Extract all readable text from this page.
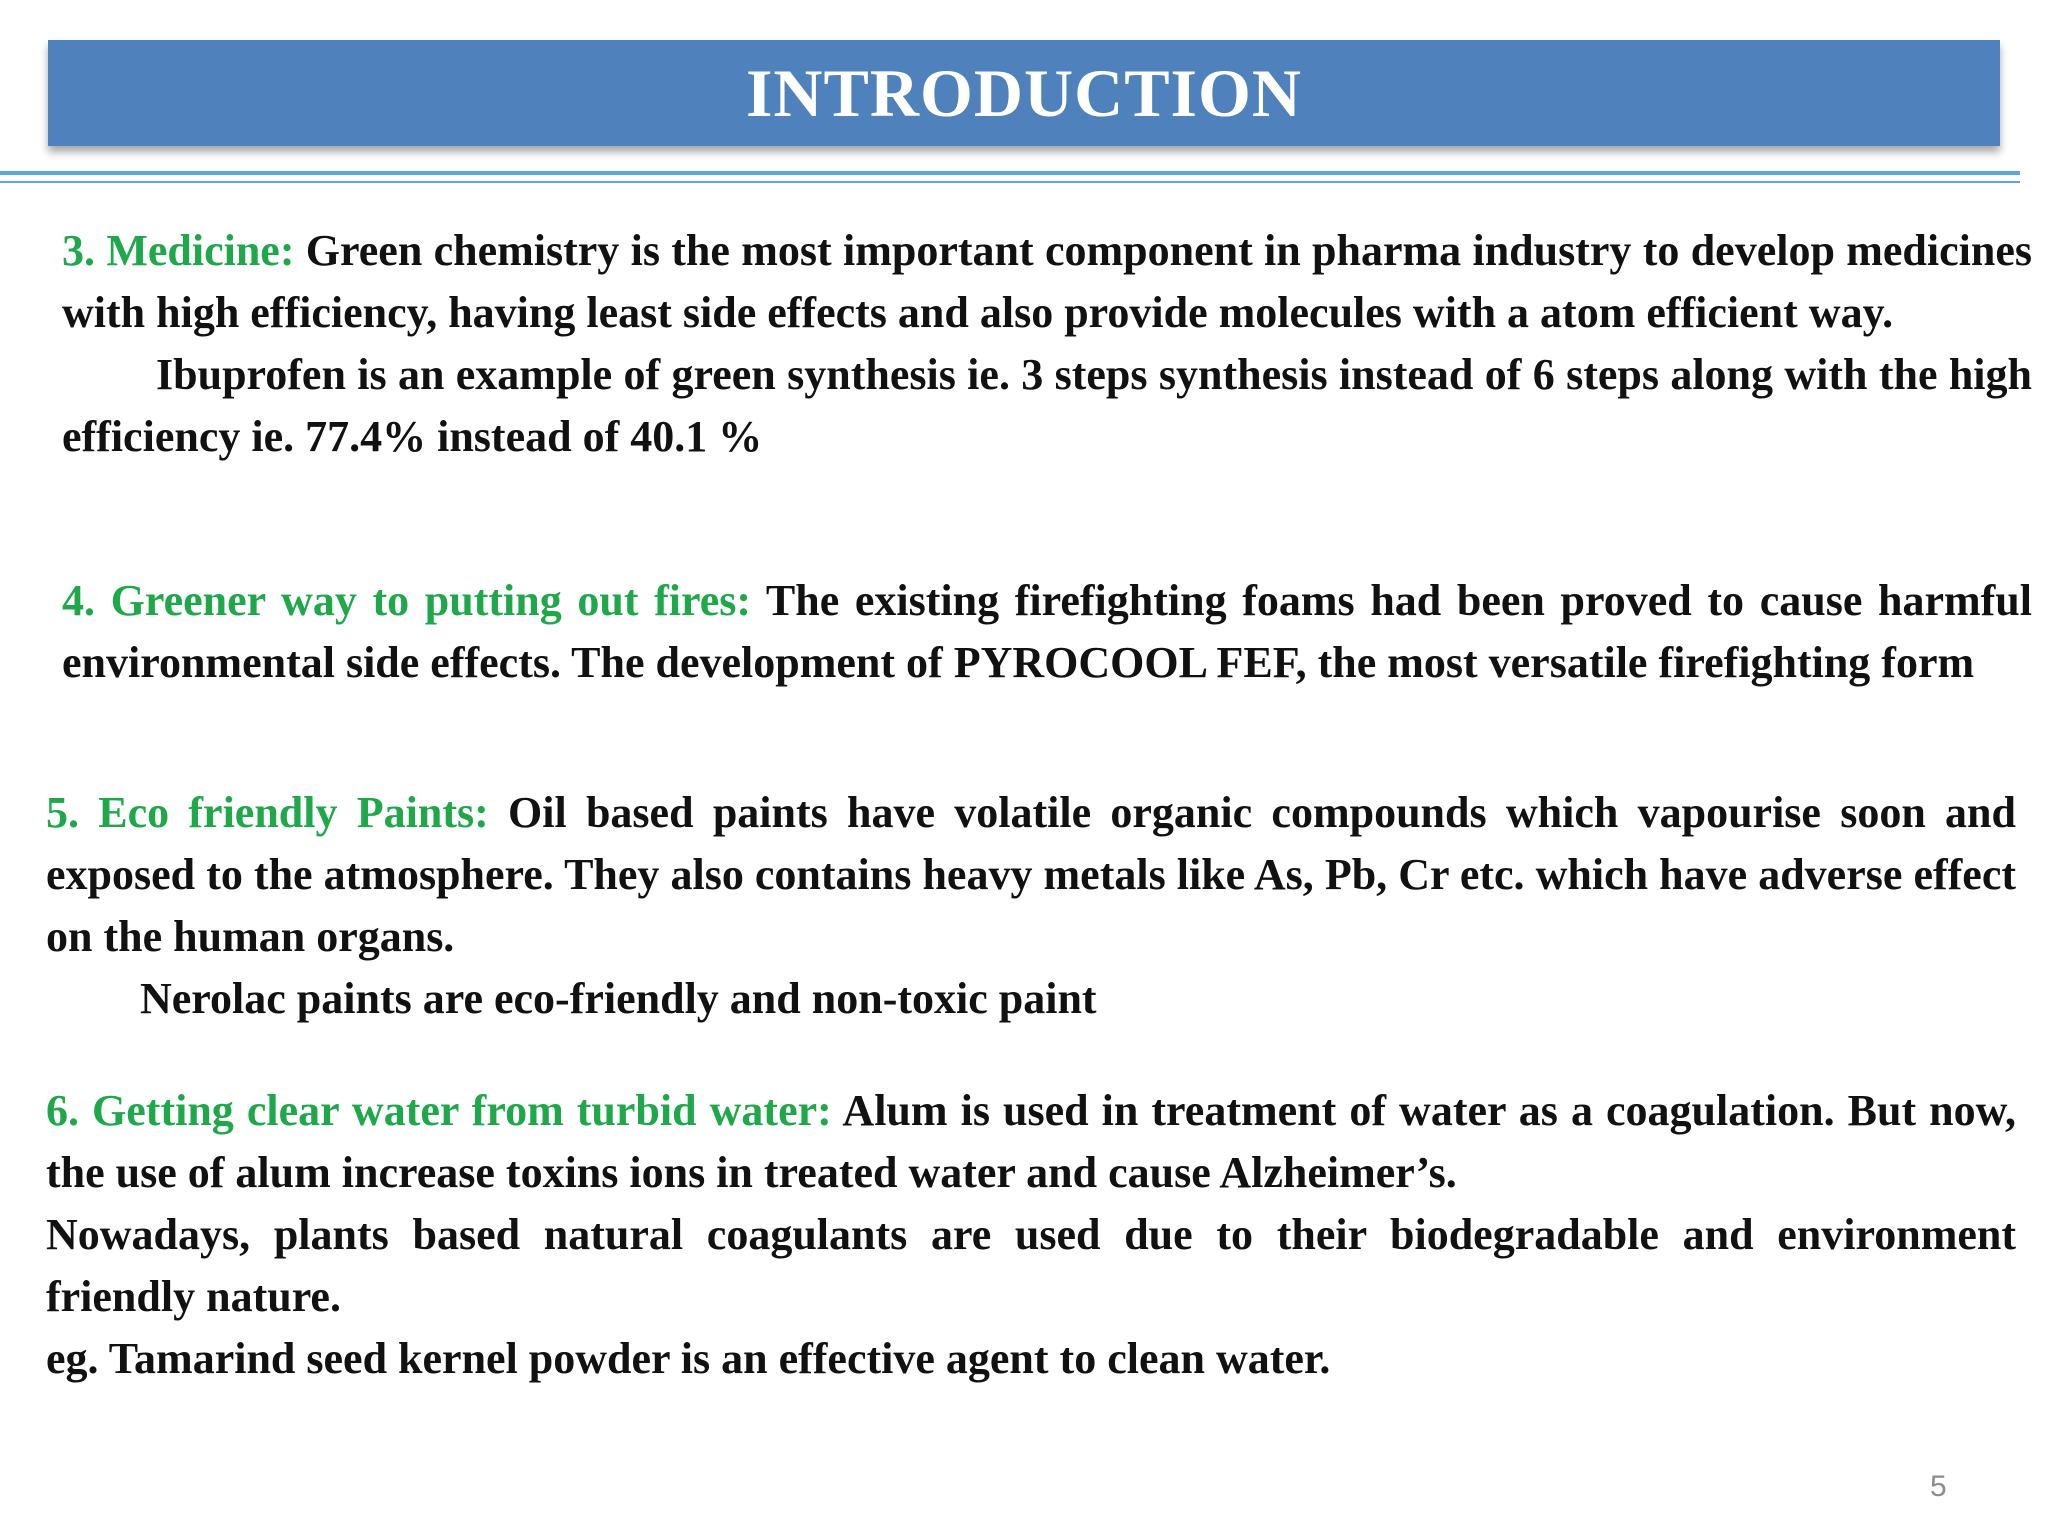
INTRODUCTION

3. Medicine: Green chemistry is the most important component in pharma industry to develop medicines with high efficiency, having least side effects and also provide molecules with a atom efficient way.

Ibuprofen is an example of green synthesis ie. 3 steps synthesis instead of 6 steps along with the high efficiency ie. 77.4% instead of 40.1 %

4. Greener way to putting out fires: The existing firefighting foams had been proved to cause harmful environmental side effects. The development of PYROCOOL FEF, the most versatile firefighting form

5. Eco friendly Paints: Oil based paints have volatile organic compounds which vapourise soon and exposed to the atmosphere. They also contains heavy metals like As, Pb, Cr etc. which have adverse effect on the human organs.

Nerolac paints are eco-friendly and non-toxic paint

6. Getting clear water from turbid water: Alum is used in treatment of water as a coagulation. But now, the use of alum increase toxins ions in treated water and cause Alzheimer’s.

Nowadays, plants based natural coagulants are used due to their biodegradable and environment friendly nature.

eg. Tamarind seed kernel powder is an effective agent to clean water.

5
